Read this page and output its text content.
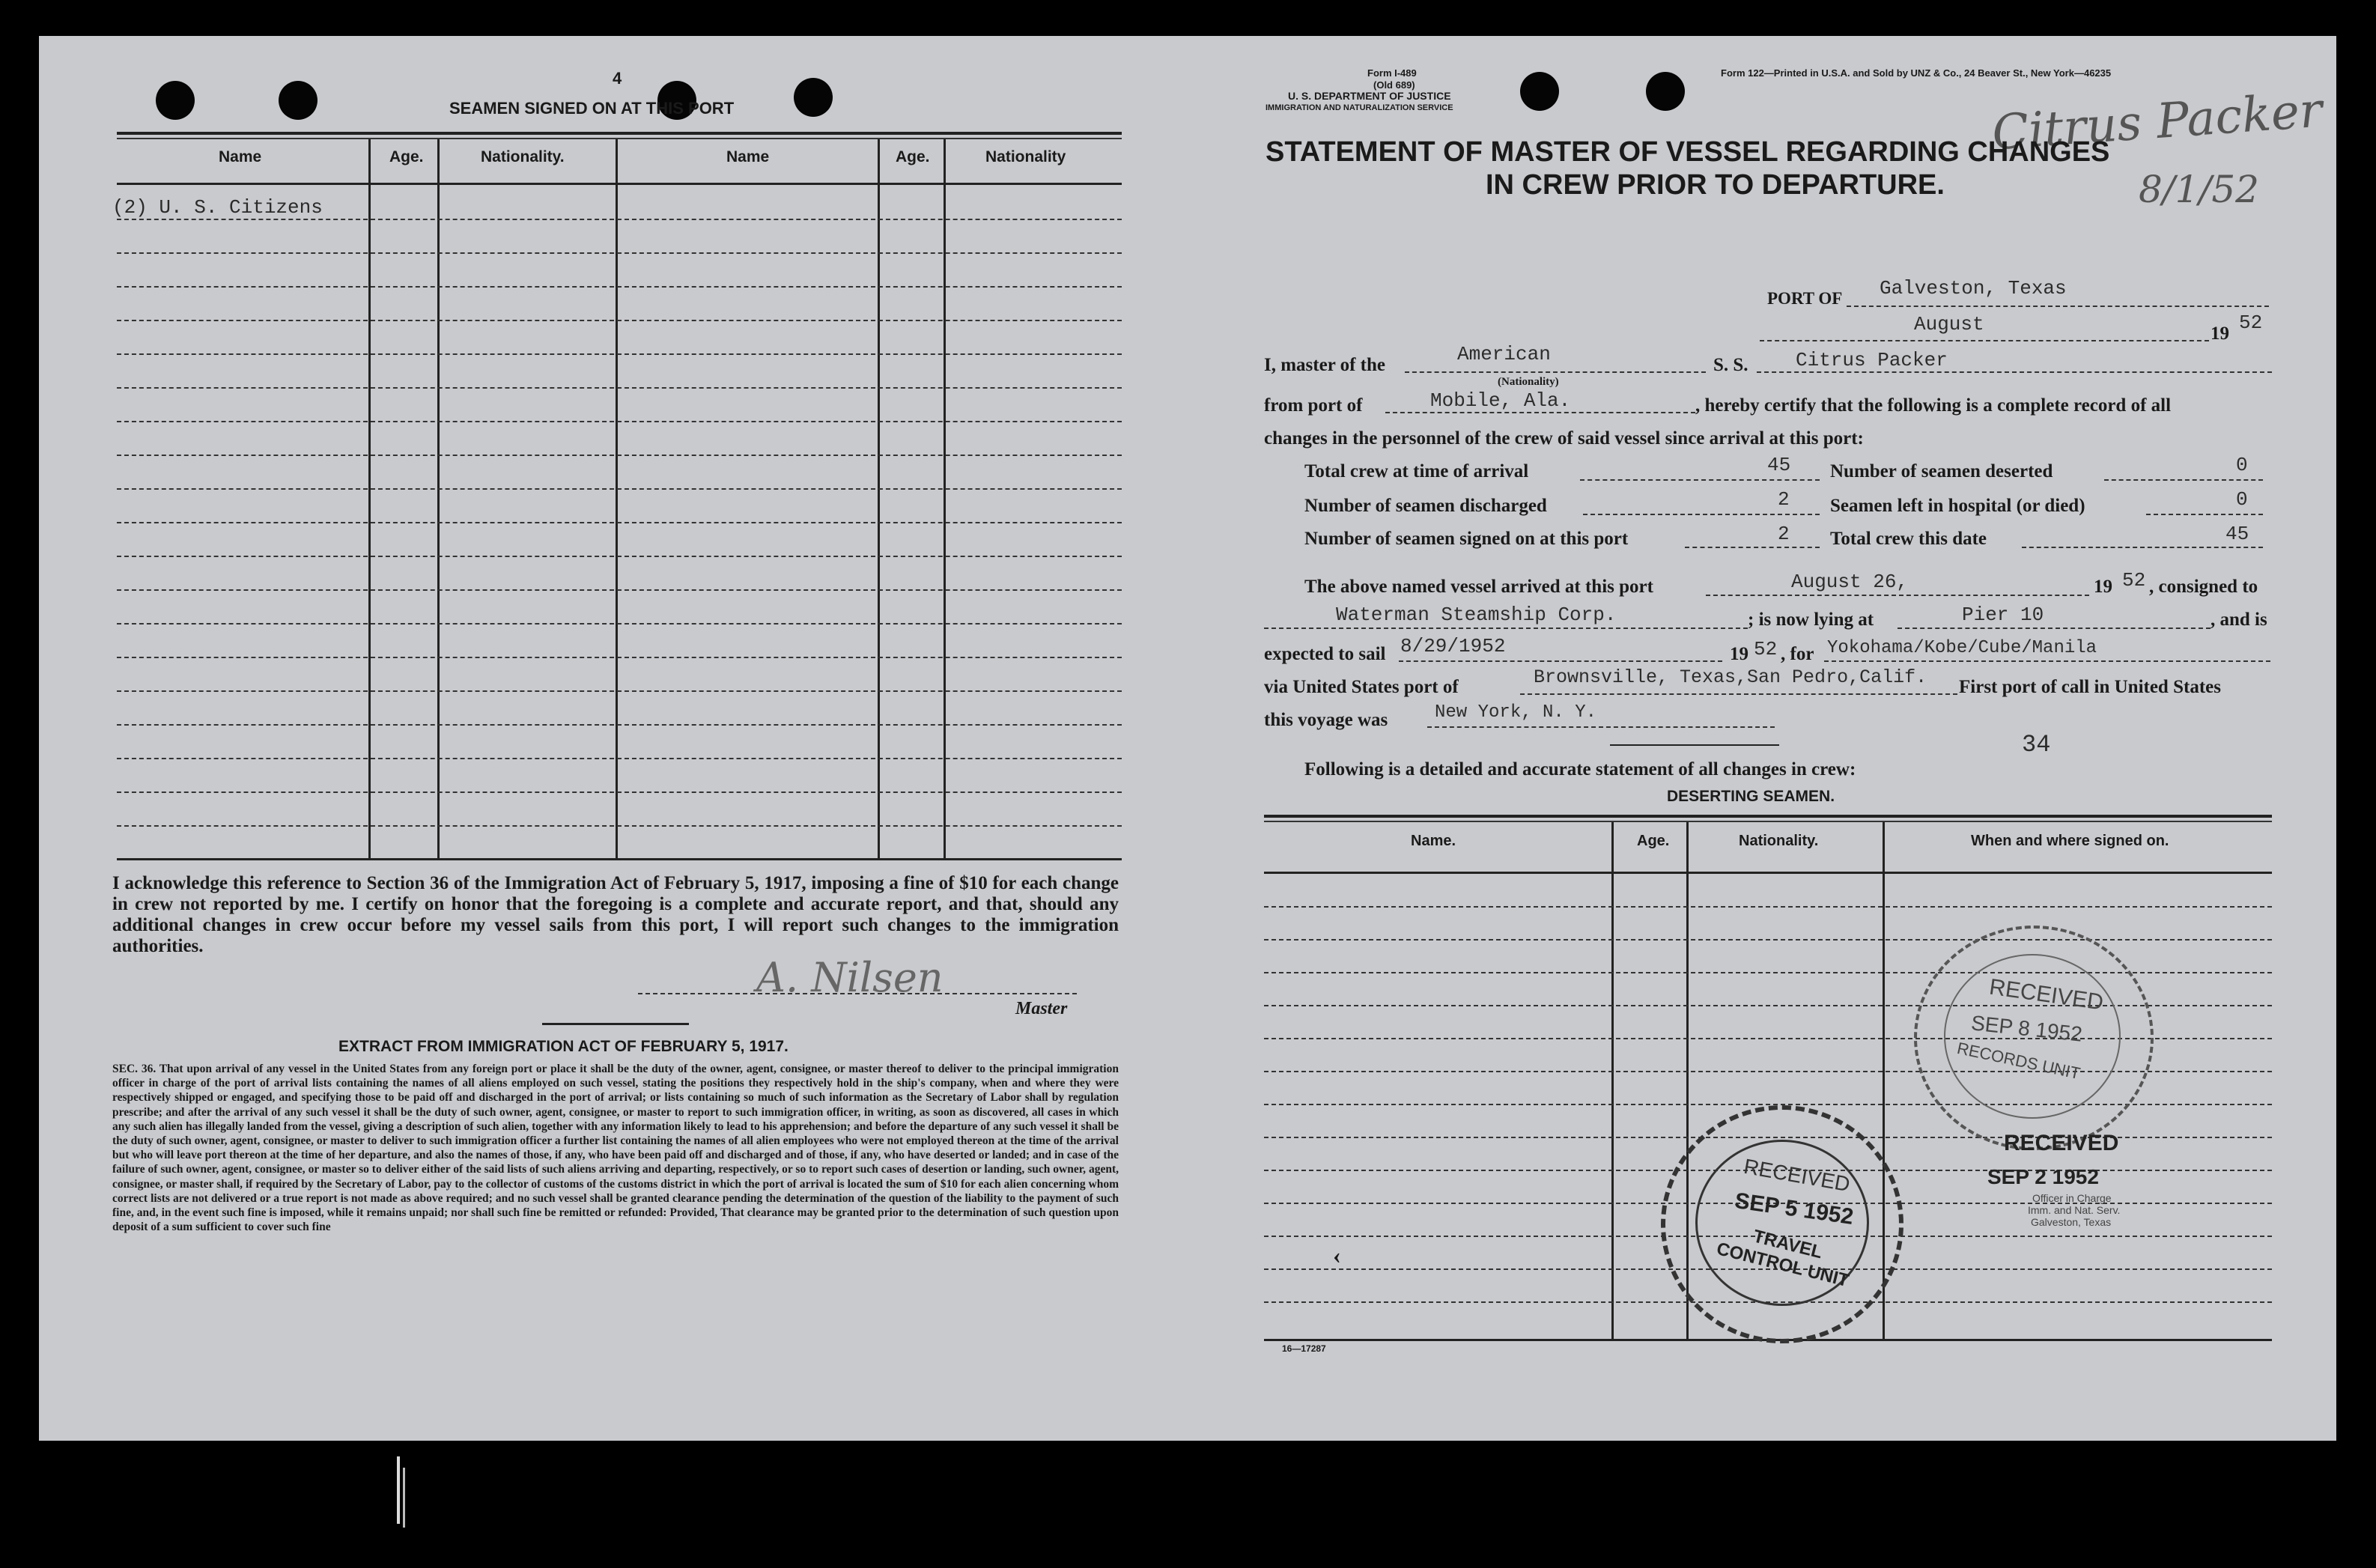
4
SEAMEN SIGNED ON AT THIS PORT
Name	Age.	Nationality.	Name	Age.	Nationality
(2) U. S. Citizens
I acknowledge this reference to Section 36 of the Immigration Act of February 5, 1917, imposing a fine of $10 for each change in crew not reported by me. I certify on honor that the foregoing is a complete and accurate report, and that, should any additional changes in crew occur before my vessel sails from this port, I will report such changes to the immigration authorities.
A. Nilsen
Master
EXTRACT FROM IMMIGRATION ACT OF FEBRUARY 5, 1917.
SEC. 36. That upon arrival of any vessel in the United States from any foreign port or place it shall be the duty of the owner, agent, consignee, or master thereof to deliver to the principal immigration officer in charge of the port of arrival lists containing the names of all aliens employed on such vessel, stating the positions they respectively hold in the ship's company, when and where they were respectively shipped or engaged, and specifying those to be paid off and discharged in the port of arrival; or lists containing so much of such information as the Secretary of Labor shall by regulation prescribe; and after the arrival of any such vessel it shall be the duty of such owner, agent, consignee, or master to report to such immigration officer, in writing, as soon as discovered, all cases in which any such alien has illegally landed from the vessel, giving a description of such alien, together with any information likely to lead to his apprehension; and before the departure of any such vessel it shall be the duty of such owner, agent, consignee, or master to deliver to such immigration officer a further list containing the names of all alien employees who were not employed thereon at the time of the arrival but who will leave port thereon at the time of her departure, and also the names of those, if any, who have been paid off and discharged and of those, if any, who have deserted or landed; and in case of the failure of such owner, agent, consignee, or master so to deliver either of the said lists of such aliens arriving and departing, respectively, or so to report such cases of desertion or landing, such owner, agent, consignee, or master shall, if required by the Secretary of Labor, pay to the collector of customs of the customs district in which the port of arrival is located the sum of $10 for each alien concerning whom correct lists are not delivered or a true report is not made as above required; and no such vessel shall be granted clearance pending the determination of the question of the liability to the payment of such fine, and, in the event such fine is imposed, while it remains unpaid; nor shall such fine be remitted or refunded: Provided, That clearance may be granted prior to the determination of such question upon deposit of a sum sufficient to cover such fine
Form I-489
(Old 689)
U. S. DEPARTMENT OF JUSTICE
IMMIGRATION AND NATURALIZATION SERVICE
Form 122—Printed in U.S.A. and Sold by UNZ & Co., 24 Beaver St., New York—46235
Citrus Packer
8/1/52
STATEMENT OF MASTER OF VESSEL REGARDING CHANGES
IN CREW PRIOR TO DEPARTURE.
PORT OF Galveston, Texas
August	19 52
I, master of the	American
(Nationality)
S. S. Citrus Packer
from port of	Mobile, Ala.	, hereby certify that the following is a complete record of all
changes in the personnel of the crew of said vessel since arrival at this port:
Total crew at time of arrival	45 Number of seamen deserted	0
Number of seamen discharged	2 Seamen left in hospital (or died)	0
Number of seamen signed on at this port	2 Total crew this date	45
The above named vessel arrived at this port	August 26,	19 52 , consigned to
Waterman Steamship Corp.	; is now lying at	Pier 10	, and is
expected to sail 8/29/1952	19 52 , for Yokohama/Kobe/Cube/Manila
via United States port of	Brownsville, Texas,San Pedro,Calif. First port of call in United States
this voyage was	New York, N. Y.
34
Following is a detailed and accurate statement of all changes in crew:
DESERTING SEAMEN.
Name.	Age.	Nationality.	When and where signed on.
16—17287
‹
RECEIVED
SEP 8 1952
RECORDS UNIT
RECEIVED
SEP 2 1952
Officer in Charge
Imm. and Nat. Serv.
Galveston, Texas
RECEIVED
SEP 5 1952
TRAVEL CONTROL UNIT
